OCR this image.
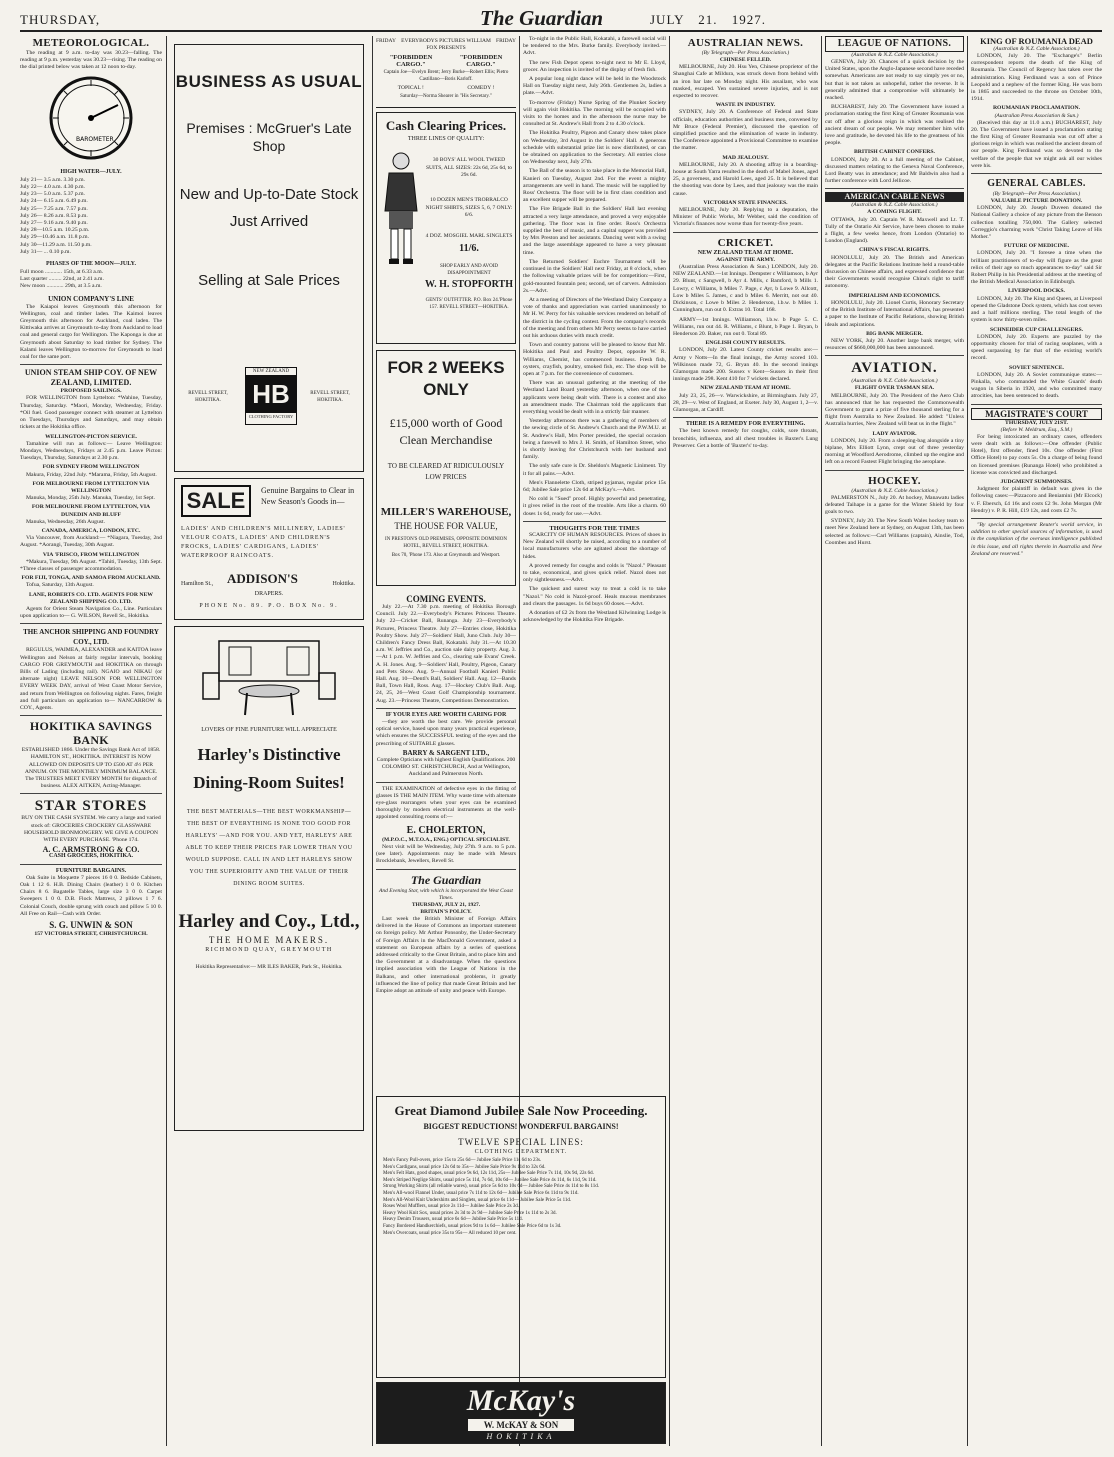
THURSDAY,	The Guardian	JULY 21. 1927.
METEOROLOGICAL.
The reading at 9 a.m. to-day was 30.23—falling. The reading at 9 p.m. yesterday was 30.23—rising. The reading on the dial printed below was taken at 12 noon to-day.
BAROMETER
HIGH WATER—JULY.
July 21— 3.5 a.m. 3.30 p.m.
July 22— 4.0 a.m. 4.30 p.m.
July 23— 5.0 a.m. 5.37 p.m.
July 24— 6.15 a.m. 6.49 p.m.
July 25— 7.25 a.m. 7.57 p.m.
July 26— 8.26 a.m. 8.53 p.m.
July 27— 9.16 a.m. 9.40 p.m.
July 28—10.5 a.m. 10.25 p.m.
July 29—10.46 a.m. 11.8 p.m.
July 30—11.29 a.m. 11.50 p.m.
July 31— ... 0.10 p.m.
PHASES OF THE MOON—JULY.
Full moon ............ 15th, at 6.33 a.m.
Last quarter ......... 22nd, at 2.41 a.m.
New moon ............ 29th, at 3.5 a.m.
UNION COMPANY'S LINE
The Kaiapoi leaves Greymouth this afternoon for Wellington, coal and timber laden. The Kaimoi leaves Greymouth this afternoon for Auckland, coal laden. The Kittiwaka arrives at Greymouth to-day from Auckland to load coal and general cargo for Wellington. The Kaponga is due at Greymouth about Saturday to load timber for Sydney. The Kalami leaves Wellington to-morrow for Greymouth to load coal for the same port.
UNION STEAM SHIP COY. OF NEW ZEALAND, LIMITED.
PROPOSED SAILINGS.
FOR WELLINGTON from Lyttelton: *Wahine, Tuesday, Thursday, Saturday. *Maori, Monday, Wednesday, Friday. *Oil fuel. Good passenger connect with steamer at Lyttelton on Tuesdays, Thursdays and Saturdays, and may obtain tickets at the Hokitika office.
WELLINGTON-PICTON SERVICE.
Tamahine will run as follows:— Leave Wellington: Mondays, Wednesdays, Fridays at 2.45 p.m. Leave Picton: Tuesdays, Thursday, Saturdays at 2.30 p.m.
FOR SYDNEY FROM WELLINGTON
Makura, Friday, 22nd July. *Marama, Friday, 5th August.
FOR MELBOURNE FROM LYTTELTON VIA WELLINGTON
Manuka, Monday, 25th July. Manuka, Tuesday, 1st Sept.
FOR MELBOURNE FROM LYTTELTON, VIA DUNEDIN AND BLUFF
Manuka, Wednesday, 26th August.
CANADA, AMERICA, LONDON, ETC.
Via Vancouver, from Auckland:— *Niagara, Tuesday, 2nd August. *Aorangi, Tuesday, 30th August.
VIA 'FRISCO, FROM WELLINGTON
*Makura, Tuesday, 9th August. *Tahiti, Tuesday, 13th Sept. *Three classes of passenger accommodation.
FOR FIJI, TONGA, AND SAMOA FROM AUCKLAND.
Tofua, Saturday, 13th August.
LANE, ROBERTS CO. LTD. AGENTS FOR NEW ZEALAND SHIPPING CO. LTD.
Agents for Orient Steam Navigation Co., Line. Particulars upon application to— G. WILSON, Revell St., Hokitika.
THE ANCHOR SHIPPING AND FOUNDRY COY., LTD.
REGULUS, WAIMEA, ALEXANDER and KAITOA leave Wellington and Nelson at fairly regular intervals, booking CARGO FOR GREYMOUTH and HOKITIKA on through Bills of Lading (including rail). NGAIO and NIKAU (or alternate night) LEAVE NELSON FOR WELLINGTON EVERY WEEK DAY, arrival of West Coast Motor Service, and return from Wellington on following nights. Fares, freight and full particulars on application to— NANCARROW & COY., Agents.
HOKITIKA SAVINGS BANK
ESTABLISHED 1866. Under the Savings Bank Act of 1858. HAMILTON ST., HOKITIKA. INTEREST IS NOW ALLOWED ON DEPOSITS UP TO £500 AT 4½ PER ANNUM. ON THE MONTHLY MINIMUM BALANCE. The TRUSTEES MEET EVERY MONTH for dispatch of business. ALEX AITKEN, Acting-Manager.
STAR STORES
BUY ON THE CASH SYSTEM. We carry a large and varied stock of: GROCERIES CROCKERY GLASSWARE HOUSEHOLD IRONMONGERY. WE GIVE A COUPON WITH EVERY PURCHASE. 'Phone 174.
A. C. ARMSTRONG & CO.
CASH GROCERS, HOKITIKA.
FURNITURE BARGAINS.
Oak Suite in Moquette 7 pieces 16 0 0. Bedside Cabinets, Oak 1 12 6. H.B. Dining Chairs (leather) 1 0 0. Kitchen Chairs 8 6. Bagatelle Tables, large size 3 0 0. Carpet Sweepers 1 0 0. D.B. Flock Mattress, 2 pillows 1 7 6. Colonial Couch, double sprung with couch and pillow 5 10 0. All Free on Rail—Cash with Order.
S. G. UNWIN & SON
157 VICTORIA STREET, CHRISTCHURCH.
BUSINESS AS USUAL
Premises : McGruer's Late Shop
New and Up-to-Date Stock
Just Arrived
Selling at Sale Prices
REVELL STREET, HOKITIKA.
REVELL STREET, HOKITIKA.
NEW ZEALAND
HB
CLOTHING FACTORY
SALE	Genuine Bargains to Clear in New Season's Goods in—
LADIES' AND CHILDREN'S MILLINERY, LADIES' VELOUR COATS, LADIES' AND CHILDREN'S FROCKS, LADIES' CARDIGANS, LADIES' WATERPROOF RAINCOATS.
Hamilton St., ADDISON'S	Hokitika.
DRAPERS.
PHONE No. 89. P.O. BOX No. 9.
LOVERS OF FINE FURNITURE WILL APPRECIATE
Harley's Distinctive
Dining-Room Suites!
THE BEST MATERIALS—THE BEST WORKMANSHIP—THE BEST OF EVERYTHING IS NONE TOO GOOD FOR HARLEYS' —AND FOR YOU. AND YET, HARLEYS' ARE ABLE TO KEEP THEIR PRICES FAR LOWER THAN YOU WOULD SUPPOSE. CALL IN AND LET HARLEYS SHOW YOU THE SUPERIORITY AND THE VALUE OF THEIR DINING ROOM SUITES.
Harley and Coy., Ltd.,
THE HOME MAKERS.
RICHMOND QUAY, GREYMOUTH
Hokitika Representative:— MR ILES BAKER, Park St., Hokitika.
FRIDAY	FRIDAY
EVERYBODYS PICTURES WILLIAM FOX PRESENTS
"FORBIDDEN CARGO."
"FORBIDDEN CARGO."
Captain Joe—Evelyn Brent; Jerry Burke—Robert Ellis; Pietro Castillano—Boris Karloff.
TOPICAL !	COMEDY !
Saturday—Norma Shearer in "His Secretary."
Cash Clearing Prices.
THREE LINES OF QUALITY:
30 BOYS' ALL WOOL TWEED SUITS, ALL SIZES: 22s 6d, 25s 6d, to 29s 6d.
10 DOZEN MEN'S TROBRALCO NIGHT SHIRTS, SIZES 5, 6, 7 ONLY: 6/6.
4 DOZ. MOSGIEL MARL SINGLETS
11/6.
SHOP EARLY AND AVOID DISAPPOINTMENT
W. H. STOPFORTH
GENTS' OUTFITTER. P.O. Box 24.'Phone 157. REVELL STREET—HOKITIKA.
FOR 2 WEEKS ONLY
£15,000 worth of Good Clean Merchandise
TO BE CLEARED AT RIDICULOUSLY LOW PRICES
MILLER'S WAREHOUSE,
THE HOUSE FOR VALUE,
IN PRESTON'S OLD PREMISES, OPPOSITE DOMINION HOTEL, REVELL STREET, HOKITIKA.
Box 70, 'Phone 173. Also at Greymouth and Westport.
Great Diamond Jubilee Sale Now Proceeding.
BIGGEST REDUCTIONS! WONDERFUL BARGAINS!
TWELVE SPECIAL LINES:
CLOTHING DEPARTMENT.
Men's Fancy Pull-overs, price 15s to 25s 6d— Jubilee Sale Price 11s 6d to 23s.
Men's Cardigans, usual price 12s 6d to 35s— Jubilee Sale Price 9s 11d to 32s 6d.
Men's Felt Hats, good shapes, usual price 9s 6d, 12s 11d, 25s— Jubilee Sale Price 7s 11d, 10s 9d, 22s 6d.
Men's Striped Neglige Shirts, usual price 5s 11d, 7s 6d, 10s 6d— Jubilee Sale Price 4s 11d, 6s 11d, 9s 11d.
Strong Working Shirts (all reliable wares), usual price 5s 6d to 10s 6d— Jubilee Sale Price 4s 11d to 8s 11d.
Men's All-wool Flannel Under, usual price 7s 11d to 12s 6d— Jubilee Sale Price 6s 11d to 9s 11d.
Men's All-Wool Knit Undershirts and Singlets, usual price 6s 11d— Jubilee Sale Price 5s 11d.
Roses Wool Mufflers, usual price 2s 11d— Jubilee Sale Price 2s 3d.
Heavy Wool Knit Sox, usual prices 2s 3d to 2s 9d— Jubilee Sale Price 1s 11d to 2s 3d.
Heavy Denim Trousers, usual price 6s 6d— Jubilee Sale Price 5s 11d.
Fancy Bordered Handkerchiefs, usual prices 9d to 1s 6d— Jubilee Sale Price 6d to 1s 3d.
Men's Overcoats, usual price 35s to 95s— All reduced 10 per cent.
McKay's
W. McKAY & SON
HOKITIKA
COMING EVENTS.
July 22.—At 7.30 p.m. meeting of Hokitika Borough Council. July 22.—Everybody's Pictures Princess Theatre. July 22—Cricket Ball, Runanga. July 23—Everybody's Pictures, Princess Theatre. July 27—Entries close, Hokitika Poultry Show. July 27—Soldiers' Hall, Juno Club. July 30—Children's Fancy Dress Ball, Kokatahi. July 31.—At 10.30 a.m. W. Jeffries and Co., auction sale dairy property. Aug. 3.—At 1 p.m. W. Jeffries and Co., clearing sale Evans' Creek. A. H. Jones. Aug. 9—Soldiers' Hall, Poultry, Pigeon, Canary and Pets Show. Aug. 9—Annual Football Kanieri Public Hall. Aug. 10—Dentl's Ball, Soldiers' Hall. Aug. 12—Bands Ball, Town Hall, Ross. Aug. 17—Hockey Club's Ball. Aug. 24, 25, 26—West Coast Golf Championship tournament. Aug. 23.—Princess Theatre, Competitions Demonstration.
IF YOUR EYES ARE WORTH CARING FOR
—they are worth the best care. We provide personal optical service, based upon many years practical experience, which ensures the SUCCESSFUL testing of the eyes and the prescribing of SUITABLE glasses.
BARRY & SARGENT LTD.,
Complete Opticians with highest English Qualifications. 200 COLOMBO ST. CHRISTCHURCH, And at Wellington, Auckland and Palmerston North.
THE EXAMINATION of defective eyes in the fitting of glasses IS THE MAIN ITEM. Why waste time with alternate eye-glass rearrangers when your eyes can be examined thoroughly by modern electrical instruments at the well-appointed consulting rooms of:—
E. CHOLERTON,
(M.P.O.C., M.T.O.A., ENG.) OPTICAL SPECIALIST.
Next visit will be Wednesday, July 27th. 9 a.m. to 5 p.m. (see later). Appointments may be made with Messrs Brocklebank, Jewellers, Revell St.
The Guardian
And Evening Star, with which is incorporated the West Coast Times.
THURSDAY, JULY 21, 1927.
BRITAIN'S POLICY.
Last week the British Minister of Foreign Affairs delivered in the House of Commons an important statement on foreign policy. Mr Arthur Ponsonby, the Under-Secretary of Foreign Affairs in the MacDonald Government, asked a statement on European affairs by a series of questions addressed critically to the Great Britain, and to place him and the Government at a disadvantage. When the questions implied association with the League of Nations in the Balkans, and other international problems, it greatly influenced the line of policy that made Great Britain and her Empire adopt an attitude of unity and peace with Europe.
To-night in the Public Hall, Kokatahi, a farewell social will be tendered to the Mrs. Burke family. Everybody invited.—Advt.
The new Fish Depot opens to-night next to Mr E. Lloyd, grocer. An inspection is invited of the display of fresh fish.
A popular long night dance will be held in the Woodstock Hall on Tuesday night next, July 26th. Gentlemen 2s, ladies a plate.—Advt.
To-morrow (Friday) Nurse Spring of the Plunket Society will again visit Hokitika. The morning will be occupied with visits to the homes and in the afternoon the nurse may be consulted at St. Andrew's Hall from 2 to 4.30 o'clock.
The Hokitika Poultry, Pigeon and Canary show takes place on Wednesday, 3rd August in the Soldiers' Hall. A generous schedule with substantial prize list is now distributed, or can be obtained on application to the Secretary. All entries close on Wednesday next, July 27th.
The Ball of the season is to take place in the Memorial Hall, Kanieri on Tuesday, August 2nd. For the event a mighty arrangements are well in hand. The music will be supplied by Ross' Orchestra. The floor will be in first class condition and an excellent supper will be prepared.
The Fire Brigade Ball in the Soldiers' Hall last evening attracted a very large attendance, and proved a very enjoyable gathering. The floor was in fine order. Ross's Orchestra supplied the best of music, and a capital supper was provided by Mrs Preston and her assistants. Dancing went with a swing and the large assemblage appeared to have a very pleasant time.
The Returned Soldiers' Euchre Tournament will be continued in the Soldiers' Hall next Friday, at 8 o'clock, when the following valuable prizes will be for competition:—First, gold-mounted fountain pen; second, set of carvers. Admission 2s.—Advt.
At a meeting of Directors of the Westland Dairy Company a vote of thanks and appreciation was carried unanimously to Mr H. W. Perry for his valuable services rendered on behalf of the district in the cycling contest. From the company's records of the meeting and from others Mr Perry seems to have carried out his arduous duties with much credit.
Town and country patrons will be pleased to know that Mr. Hokitika and Paul and Poultry Depot, opposite W. R. Williams, Chemist, has commenced business. Fresh fish, oysters, crayfish, poultry, smoked fish, etc. The shop will be open at 7 p.m. for the convenience of customers.
There was an unusual gathering at the meeting of the Westland Land Board yesterday afternoon, when one of the applicants were being dealt with. There is a contest and also an amendment made. The Chairman told the applicants that everything would be dealt with in a strictly fair manner.
Yesterday afternoon there was a gathering of members of the sewing circle of St. Andrew's Church and the P.W.M.U. at St. Andrew's Hall, Mrs Porter presided, the special occasion being a farewell to Mrs J. H. Smith, of Hamilton Street, who is shortly leaving for Christchurch with her husband and family.
The only safe cure is Dr. Sheldon's Magnetic Liniment. Try it for all pains.—Advt.
Men's Flannelette Cloth, striped pyjamas, regular price 15s 6d; Jubilee Sale price 12s 6d at McKay's.—Advt.
No cold is "Sued" proof. Highly powerful and penetrating, it gives relief in the root of the trouble. Arts like a charm. 60 doses 1s 6d, ready for use.—Advt.
THOUGHTS FOR THE TIMES
SCARCITY OF HUMAN RESOURCES. Prices of shoes in New Zealand will shortly be raised, according to a number of local manufacturers who are agitated about the shortage of hides.
A proved remedy for coughs and colds is "Nazol." Pleasant to take, economical, and gives quick relief. Nazol does not only sightlessness.—Advt.
The quickest and surest way to treat a cold is to take "Nazol." No cold is Nazol-proof. Heals mucous membranes and clears the passages. 1s 6d buys 60 doses.—Advt.
A donation of £2 2s from the Westland Kilwinning Lodge is acknowledged by the Hokitika Fire Brigade.
AUSTRALIAN NEWS.
(By Telegraph—Per Press Association.)
CHINESE FELLED.
MELBOURNE, July 20. Hsu Yen, Chinese proprietor of the Shanghai Cafe at Mildura, was struck down from behind with an iron bar late on Monday night. His assailant, who was masked, escaped. Yen sustained severe injuries, and is not expected to recover.
WASTE IN INDUSTRY.
SYDNEY, July 20. A Conference of Federal and State officials, education authorities and business men, convened by Mr Bruce (Federal Premier), discussed the question of simplified practice and the elimination of waste in industry. The Conference appointed a Provisional Committee to examine the matter.
MAD JEALOUSY.
MELBOURNE, July 20. A shooting affray in a boarding-house at South Yarra resulted in the death of Mabel Jones, aged 25, a governess, and Harold Lees, aged 25. It is believed that the shooting was done by Lees, and that jealousy was the main cause.
VICTORIAN STATE FINANCES.
MELBOURNE, July 20. Replying to a deputation, the Minister of Public Works, Mr Webber, said the condition of Victoria's finances now worse than for twenty-five years.
CRICKET.
NEW ZEALAND TEAM AT HOME.
AGAINST THE ARMY.
(Australian Press Association & Sun.) LONDON, July 20. NEW ZEALAND.—1st Innings. Dempster c Williamson, b Ayr 29. Blunt, c Sangwell, b Ayr 4. Mills, c Bamford, b Mills 1. Lowry, c Williams, b Miles 7. Page, c Ayr, b Lowe 9. Allcott, Low b Miles 5. James, c and b Miles 6. Merritt, not out 40. Dickinson, c Lowe b Miles 2. Henderson, l.b.w. b Miles 1. Cunningham, run out 0. Extras 10. Total 168.
ARMY—1st Innings. Williamson, l.b.w. b Page 5. C. Williams, run out 44. R. Williams, c Blunt, b Page 1. Bryan, b Henderson 20. Baker, run out 0. Total 89.
ENGLISH COUNTY RESULTS.
LONDON, July 20. Latest County cricket results are:— Army v Notts—In the final innings, the Army scored 103. Wilkinson made 72, G. Bryan 40. In the second innings Glamorgan made 200. Sussex v Kent—Sussex in their first innings made 298. Kent 410 for 7 wickets declared.
NEW ZEALAND TEAM AT HOME.
July 23, 25, 26—v. Warwickshire, at Birmingham. July 27, 28, 29—v. West of England, at Exeter. July 30, August 1, 2—v. Glamorgan, at Cardiff.
THERE IS A REMEDY FOR EVERYTHING.
The best known remedy for coughs, colds, sore throats, bronchitis, influenza, and all chest troubles is Baxter's Lung Preserver. Get a bottle of 'Baxter's' to-day.
LEAGUE OF NATIONS.
(Australian & N.Z. Cable Association.)
GENEVA, July 20. Chances of a quick decision by the United States, upon the Anglo-Japanese second have receded somewhat. Americans are not ready to say simply yes or no, but that is not taken as unhopeful, rather the reverse. It is generally admitted that a compromise will ultimately be reached.
BUCHAREST, July 20. The Government have issued a proclamation stating the first King of Greater Roumania was cut off after a glorious reign in which was realised the ancient dream of our people. We may remember him with love and gratitude, he devoted his life to the greatness of his people.
BRITISH CABINET CONFERS.
LONDON, July 20. At a full meeting of the Cabinet, discussed matters relating to the Geneva Naval Conference, Lord Beatty was in attendance; and Mr Baldwin also had a further conference with Lord Jellicoe.
AMERICAN CABLE NEWS
(Australian & N.Z. Cable Association.)
A COMING FLIGHT.
OTTAWA, July 20. Captain W. R. Maxwell and Lt. T. Tully of the Ontario Air Service, have been chosen to make a flight, a few weeks hence, from London (Ontario) to London (England).
CHINA'S FISCAL RIGHTS.
HONOLULU, July 20. The British and American delegates at the Pacific Relations Institute held a round-table discussion on Chinese affairs, and expressed confidence that their Governments would recognise China's right to tariff autonomy.
IMPERIALISM AND ECONOMICS.
HONOLULU, July 20. Lionel Curtis, Honorary Secretary of the British Institute of International Affairs, has presented a paper to the Institute of Pacific Relations, showing British ideals and aspirations.
BIG BANK MERGER.
NEW YORK, July 20. Another large bank merger, with resources of $660,000,000 has been announced.
AVIATION.
(Australian & N.Z. Cable Association.)
FLIGHT OVER TASMAN SEA.
MELBOURNE, July 20. The President of the Aero Club has announced that he has requested the Commonwealth Government to grant a prize of five thousand sterling for a flight from Australia to New Zealand. He added: "Unless Australia hurries, New Zealand will beat us in the flight."
LADY AVIATOR.
LONDON, July 20. From a sleeping-bag alongside a tiny biplane, Mrs Elliott Lynn, crept out of three yesterday morning at Woodford Aerodrome, climbed up the engine and left on a record Fastest Flight bringing the aeroplane.
HOCKEY.
(Australian & N.Z. Cable Association.)
PALMERSTON N., July 20. At hockey, Manawatu ladies defeated Taihape in a game for the Winter Shield by four goals to two.
SYDNEY, July 20. The New South Wales hockey team to meet New Zealand here at Sydney, on August 13th, has been selected as follows:—Carl Williams (captain), Ainslie, Tod, Coombes and Hurst.
KING OF ROUMANIA DEAD
(Australian & N.Z. Cable Association.)
LONDON, July 20. The "Exchange's" Berlin correspondent reports the death of the King of Roumania. The Council of Regency has taken over the administration. King Ferdinand was a son of Prince Leopold and a nephew of the former King. He was born in 1865 and succeeded to the throne on October 10th, 1914.
ROUMANIAN PROCLAMATION.
(Australian Press Association & Sun.)
(Received this day at 11.0 a.m.) BUCHAREST, July 20. The Government have issued a proclamation stating the first King of Greater Roumania was cut off after a glorious reign in which was realised the ancient dream of our people. King Ferdinand was so devoted to the welfare of the people that we might ask all our wishes were his.
GENERAL CABLES.
(By Telegraph—Per Press Association.)
VALUABLE PICTURE DONATION.
LONDON, July 20. Joseph Duveen donated the National Gallery a choice of any picture from the Benson collection totalling 750,000. The Gallery selected Correggio's charming work "Christ Taking Leave of His Mother."
FUTURE OF MEDICINE.
LONDON, July 20. "I foresee a time when the brilliant practitioners of to-day will figure as the great relics of their age so much appearances to-day" said Sir Robert Philip in his Presidential address at the meeting of the British Medical Association in Edinburgh.
LIVERPOOL DOCKS.
LONDON, July 20. The King and Queen, at Liverpool opened the Gladstone Dock system, which has cost seven and a half millions sterling. The total length of the system is now thirty-seven miles.
SCHNEIDER CUP CHALLENGERS.
LONDON, July 20. Experts are puzzled by the opportunity chosen for trial of racing seaplanes, with a speed surpassing by far that of the existing world's record.
SOVIET SENTENCE.
LONDON, July 20. A Soviet communique states:—Pinkalla, who commanded the White Guards' death wagon in Siberia in 1920, and who committed many atrocities, has been sentenced to death.
MAGISTRATE'S COURT
THURSDAY, JULY 21ST.
(Before W. Meldrum, Esq., S.M.)
For being intoxicated an ordinary cases, offenders were dealt with as follows:—One offender (Public Hotel), first offender, fined 10s. One offender (First Office Hotel) to pay costs 5s. On a charge of being found on licensed premises (Runanga Hotel) who prohibited a license was convicted and discharged.
JUDGMENT SUMMONSES.
Judgment for plaintiff in default was given in the following cases:—Pizzacoro and Beniamini (Mr Elcock) v. F. Ebersch, £4 16s and costs £2 9s. John Morgan (Mr Hendry) v. P. R. Hill, £19 12s, and costs £2 7s.
"By special arrangement Reuter's world service, in addition to other special sources of information, is used in the compilation of the overseas intelligence published in this issue, and all rights therein in Australia and New Zealand are reserved."
